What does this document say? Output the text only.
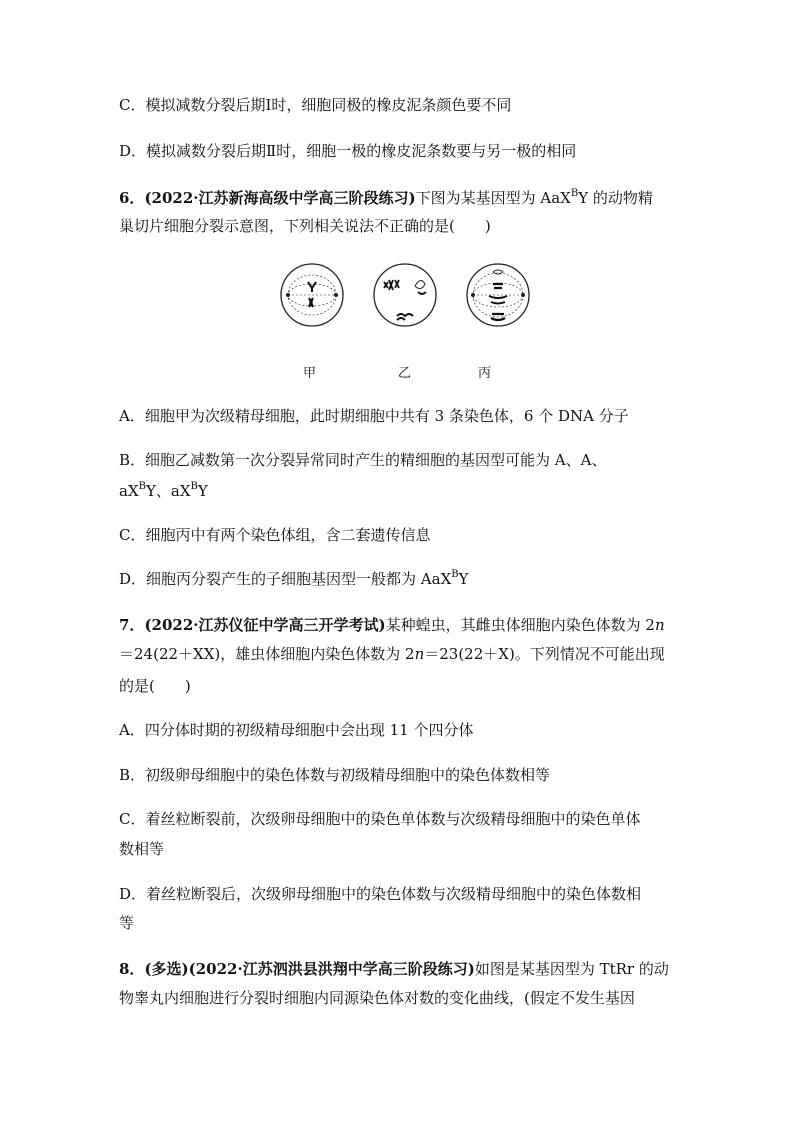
C．模拟减数分裂后期Ⅰ时，细胞同极的橡皮泥条颜色要不同
D．模拟减数分裂后期Ⅱ时，细胞一极的橡皮泥条数要与另一极的相同
6．(2022·江苏新海高级中学高三阶段练习)下图为某基因型为 AaX$^B$Y 的动物精
巢切片细胞分裂示意图，下列相关说法不正确的是(　　)
甲	乙	丙
A．细胞甲为次级精母细胞，此时期细胞中共有 3 条染色体，6 个 DNA 分子
B．细胞乙减数第一次分裂异常同时产生的精细胞的基因型可能为 A、A、
$aX^BY$、$aX^BY$
C．细胞丙中有两个染色体组，含二套遗传信息
D．细胞丙分裂产生的子细胞基因型一般都为 AaX$^B$Y
7．(2022·江苏仪征中学高三开学考试)某种蝗虫，其雌虫体细胞内染色体数为 2n
＝24(22＋XX)，雄虫体细胞内染色体数为 2n＝23(22＋X)。下列情况不可能出现
的是(　　)
A．四分体时期的初级精母细胞中会出现 11 个四分体
B．初级卵母细胞中的染色体数与初级精母细胞中的染色体数相等
C．着丝粒断裂前，次级卵母细胞中的染色单体数与次级精母细胞中的染色单体
数相等
D．着丝粒断裂后，次级卵母细胞中的染色体数与次级精母细胞中的染色体数相
等
8．(多选)(2022·江苏泗洪县洪翔中学高三阶段练习)如图是某基因型为 TtRr 的动
物睾丸内细胞进行分裂时细胞内同源染色体对数的变化曲线，(假定不发生基因
